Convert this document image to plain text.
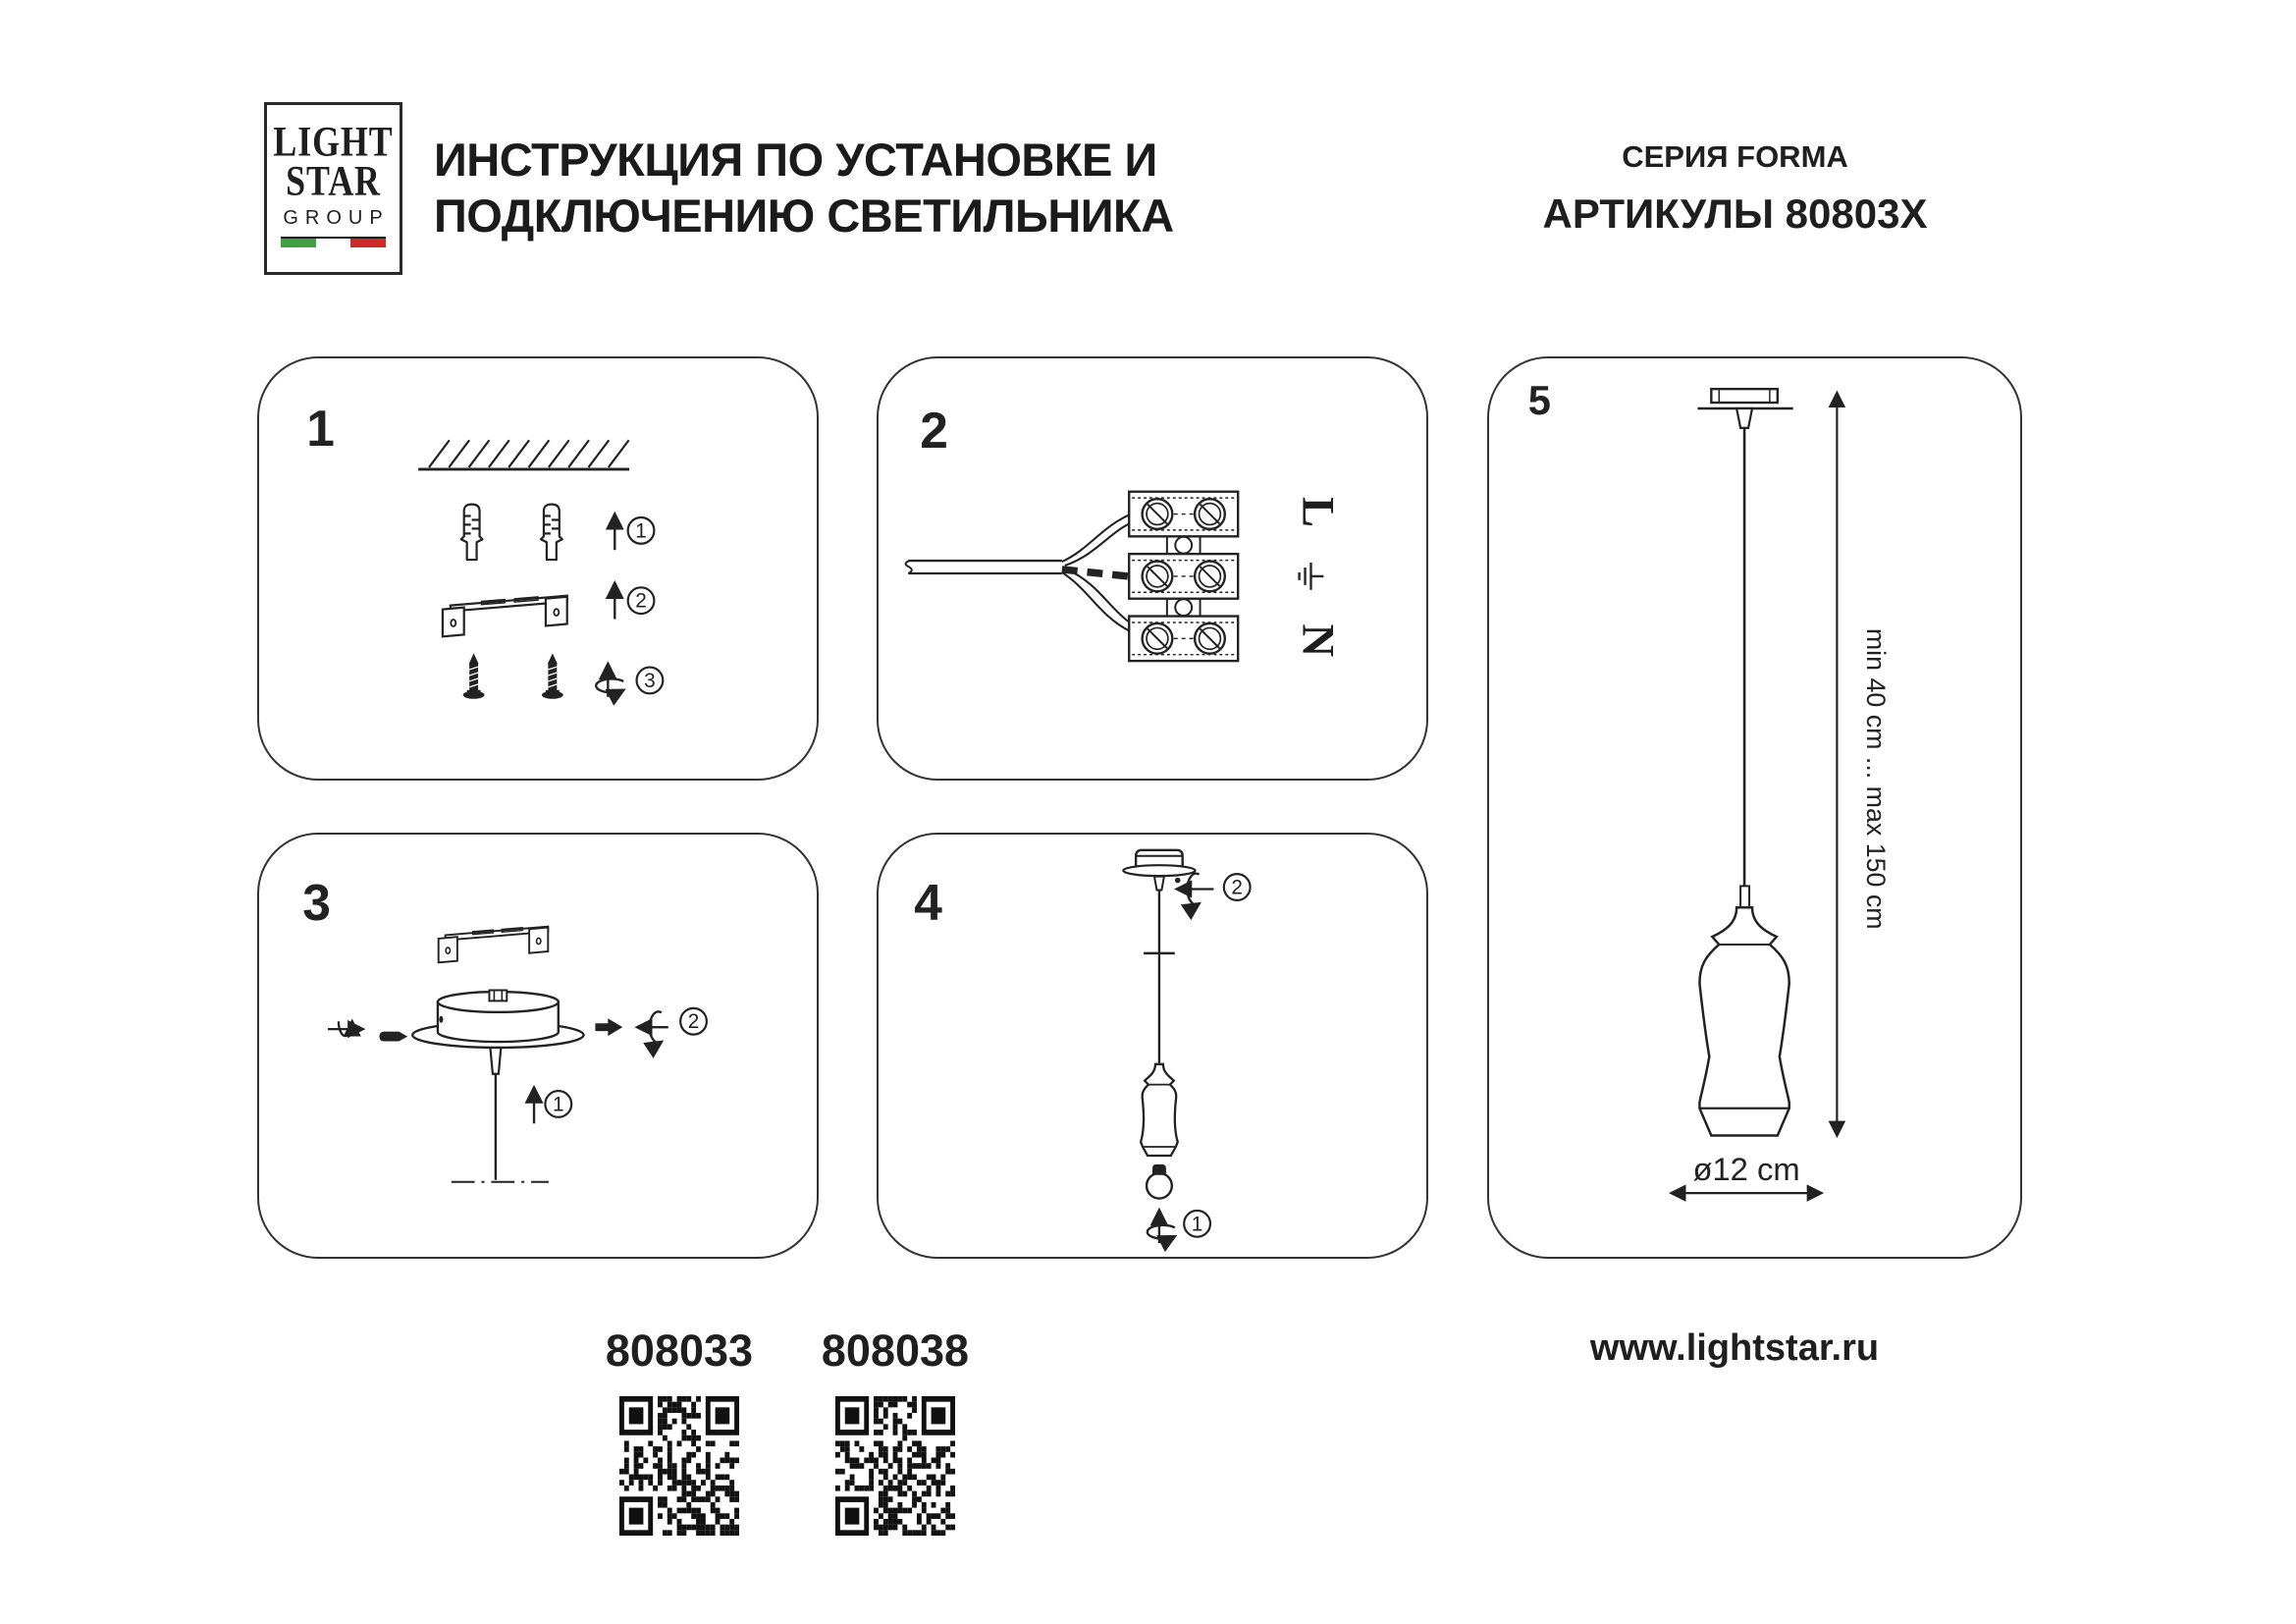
LIGHT
STAR
GROUP
ИНСТРУКЦИЯ ПО УСТАНОВКЕ И
ПОДКЛЮЧЕНИЮ СВЕТИЛЬНИКА
СЕРИЯ FORMA
АРТИКУЛЫ 80803X
1
1
2
3
2
L
N
3
2
1
4	2
1
5
min 40 cm ... max 150 cm
ø12 cm
808033	808038	www.lightstar.ru
